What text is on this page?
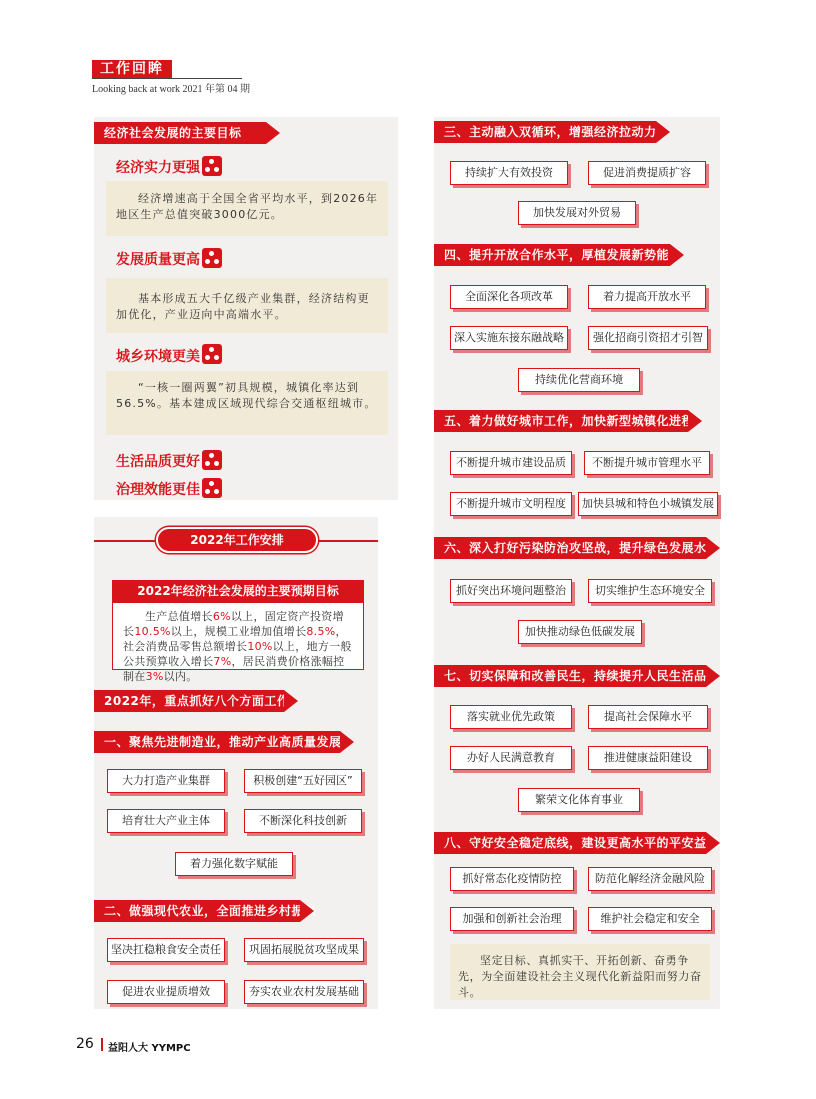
工作回眸
Looking back at work 2021 年第 04 期
经济社会发展的主要目标
经济实力更强
经济增速高于全国全省平均水平，到2026年地区生产总值突破3000亿元。
发展质量更高
基本形成五大千亿级产业集群，经济结构更加优化，产业迈向中高端水平。
城乡环境更美
“一核一圈两翼”初具规模，城镇化率达到56.5%。基本建成区域现代综合交通枢纽城市。
生活品质更好
治理效能更佳
2022年工作安排
2022年经济社会发展的主要预期目标
生产总值增长6%以上，固定资产投资增长10.5%以上，规模工业增加值增长8.5%，社会消费品零售总额增长10%以上，地方一般公共预算收入增长7%，居民消费价格涨幅控制在3%以内。
2022年，重点抓好八个方面工作
一、聚焦先进制造业，推动产业高质量发展
大力打造产业集群	积极创建“五好园区”
培育壮大产业主体	不断深化科技创新
着力强化数字赋能
二、做强现代农业，全面推进乡村振兴
坚决扛稳粮食安全责任	巩固拓展脱贫攻坚成果
促进农业提质增效	夯实农业农村发展基础
三、主动融入双循环，增强经济拉动力
持续扩大有效投资	促进消费提质扩容
加快发展对外贸易
四、提升开放合作水平，厚植发展新势能
全面深化各项改革	着力提高开放水平
深入实施东接东融战略	强化招商引资招才引智
持续优化营商环境
五、着力做好城市工作，加快新型城镇化进程
不断提升城市建设品质	不断提升城市管理水平
不断提升城市文明程度	加快县城和特色小城镇发展
六、深入打好污染防治攻坚战，提升绿色发展水平
抓好突出环境问题整治	切实维护生态环境安全
加快推动绿色低碳发展
七、切实保障和改善民生，持续提升人民生活品质
落实就业优先政策	提高社会保障水平
办好人民满意教育	推进健康益阳建设
繁荣文化体育事业
八、守好安全稳定底线，建设更高水平的平安益阳
抓好常态化疫情防控	防范化解经济金融风险
加强和创新社会治理	维护社会稳定和安全
坚定目标、真抓实干、开拓创新、奋勇争先，为全面建设社会主义现代化新益阳而努力奋斗。
26 益阳人大 YYMPC
